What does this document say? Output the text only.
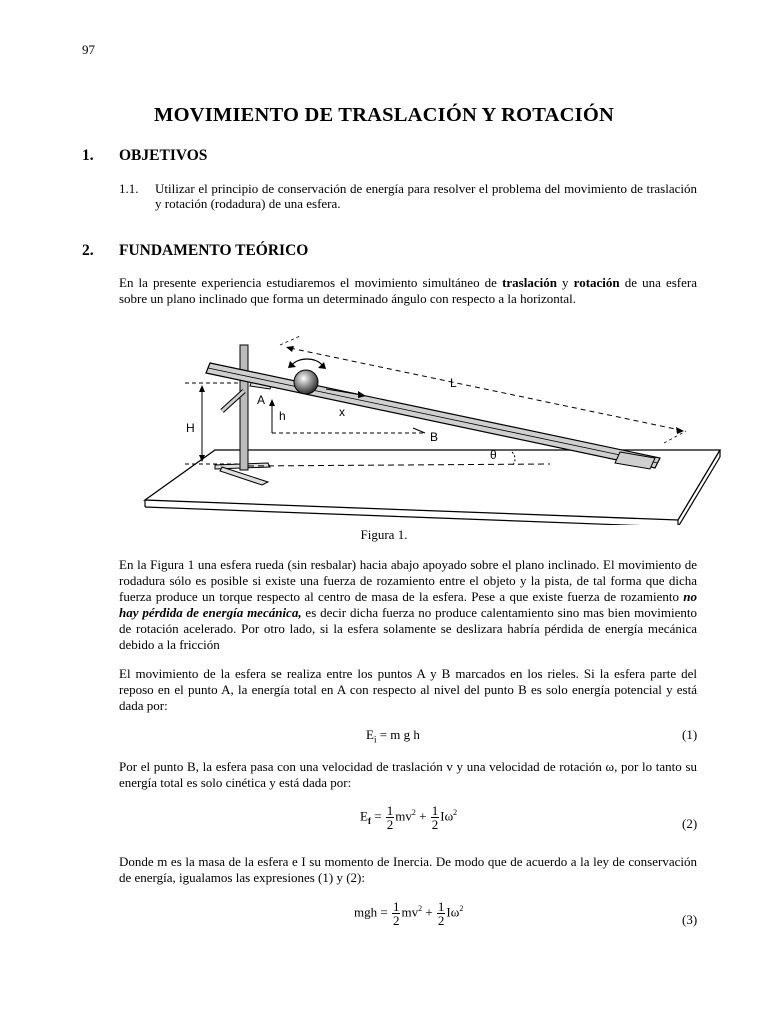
97
MOVIMIENTO DE TRASLACIÓN Y ROTACIÓN
1. OBJETIVOS
1.1. Utilizar el principio de conservación de energía para resolver el problema del movimiento de traslación y rotación (rodadura) de una esfera.
2. FUNDAMENTO TEÓRICO
En la presente experiencia estudiaremos el movimiento simultáneo de traslación y rotación de una esfera sobre un plano inclinado que forma un determinado ángulo con respecto a la horizontal.
L
A
h	x
B
H
θ
Figura 1.
En la Figura 1 una esfera rueda (sin resbalar) hacia abajo apoyado sobre el plano inclinado. El movimiento de rodadura sólo es posible si existe una fuerza de rozamiento entre el objeto y la pista, de tal forma que dicha fuerza produce un torque respecto al centro de masa de la esfera. Pese a que existe fuerza de rozamiento no hay pérdida de energía mecánica, es decir dicha fuerza no produce calentamiento sino mas bien movimiento de rotación acelerado. Por otro lado, si la esfera solamente se deslizara habría pérdida de energía mecánica debido a la fricción
El movimiento de la esfera se realiza entre los puntos A y B marcados en los rieles. Si la esfera parte del reposo en el punto A, la energía total en A con respecto al nivel del punto B es solo energía potencial y está dada por:
$E_i = m$ g h	(1)
Por el punto B, la esfera pasa con una velocidad de traslación v y una velocidad de rotación ω, por lo tanto su energía total es solo cinética y está dada por:
$E_f = \frac{1}{2} mv^2 + \frac{1}{2} I\omega^2$
(2)
Donde m es la masa de la esfera e I su momento de Inercia. De modo que de acuerdo a la ley de conservación de energía, igualamos las expresiones (1) y (2):
mgh = $\frac{1}{2} mv^2 + \frac{1}{2} I\omega^2$
(3)
